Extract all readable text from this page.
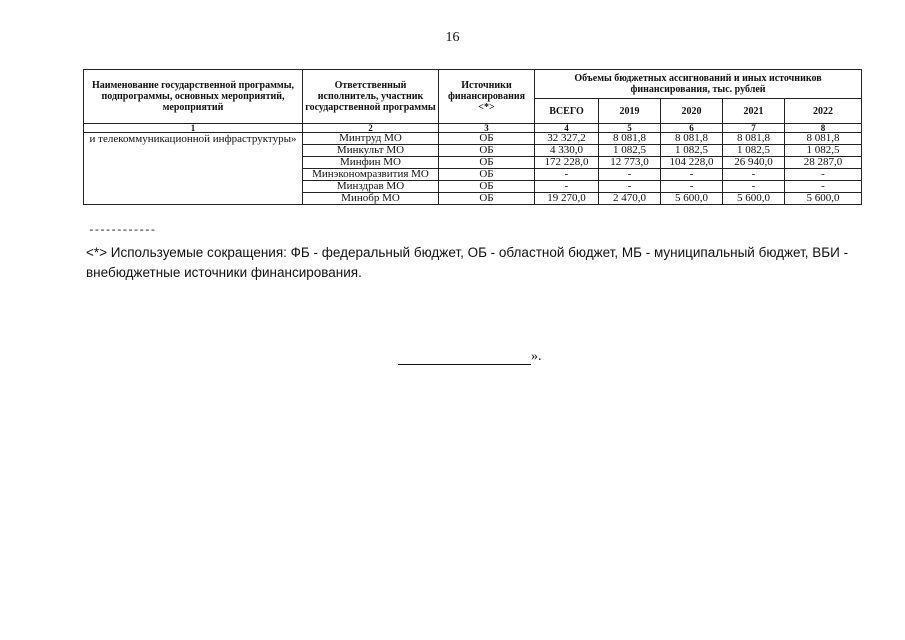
16
Наименование государственной программы, подпрограммы, основных мероприятий, мероприятий	Ответственный исполнитель, участник государственной программы	Источники финансирования <*>	Объемы бюджетных ассигнований и иных источников финансирования, тыс. рублей				
			ВСЕГО	2019	2020	2021	2022
1	2	3	4	5	6	7	8
и телекоммуникационной инфраструктуры»	Минтруд МО	ОБ	32 327,2	8 081,8	8 081,8	8 081,8	8 081,8
	Минкульт МО	ОБ	4 330,0	1 082,5	1 082,5	1 082,5	1 082,5
	Минфин МО	ОБ	172 228,0	12 773,0	104 228,0	26 940,0	28 287,0
	Минэкономразвития МО	ОБ	-	-	-	-	-
	Минздрав МО	ОБ	-	-	-	-	-
	Минобр МО	ОБ	19 270,0	2 470,0	5 600,0	5 600,0	5 600,0
------------
<*> Используемые сокращения: ФБ - федеральный бюджет, ОБ - областной бюджет, МБ - муниципальный бюджет, ВБИ - внебюджетные источники финансирования.
».
